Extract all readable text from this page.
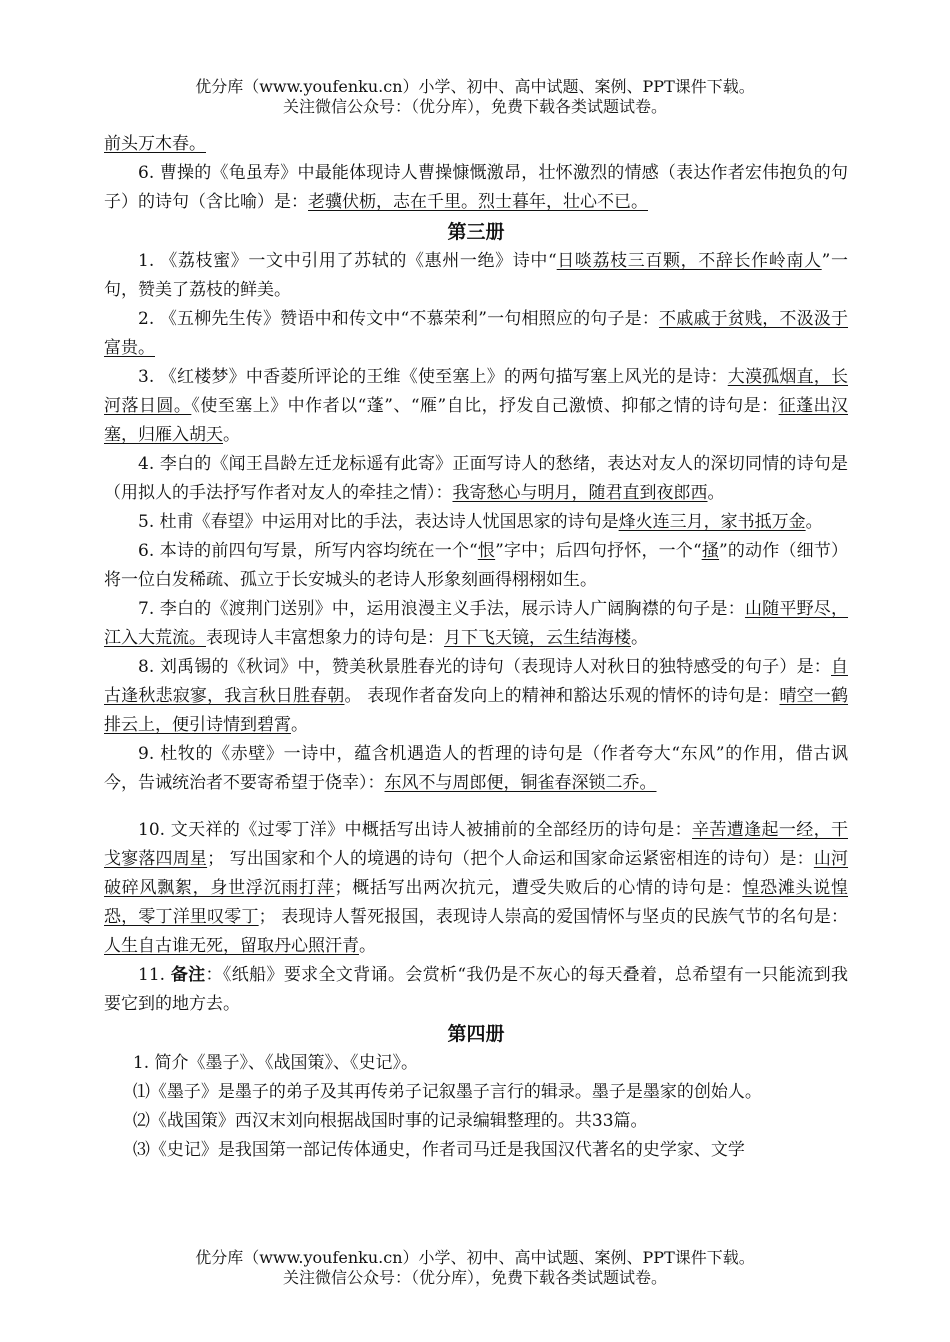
优分库（www.youfenku.cn）小学、初中、高中试题、案例、PPT课件下载。
关注微信公众号：（优分库），免费下载各类试题试卷。

前头万木春。

6. 曹操的《龟虽寿》中最能体现诗人曹操慷慨激昂，壮怀激烈的情感（表达作者宏伟抱负的句子）的诗句（含比喻）是：老骥伏枥，志在千里。烈士暮年，壮心不已。

第三册

1. 《荔枝蜜》一文中引用了苏轼的《惠州一绝》诗中“日啖荔枝三百颗，不辞长作岭南人”一句，赞美了荔枝的鲜美。

2. 《五柳先生传》赞语中和传文中“不慕荣利”一句相照应的句子是：不戚戚于贫贱，不汲汲于富贵。

3. 《红楼梦》中香菱所评论的王维《使至塞上》的两句描写塞上风光的是诗：大漠孤烟直，长河落日圆。《使至塞上》中作者以“蓬”、“雁”自比，抒发自己激愤、抑郁之情的诗句是：征蓬出汉塞，归雁入胡天。

4. 李白的《闻王昌龄左迁龙标遥有此寄》正面写诗人的愁绪，表达对友人的深切同情的诗句是（用拟人的手法抒写作者对友人的牵挂之情）：我寄愁心与明月，随君直到夜郎西。

5. 杜甫《春望》中运用对比的手法，表达诗人忧国思家的诗句是烽火连三月，家书抵万金。

6. 本诗的前四句写景，所写内容均统在一个“恨”字中；后四句抒怀，一个“搔”的动作（细节）将一位白发稀疏、孤立于长安城头的老诗人形象刻画得栩栩如生。

7. 李白的《渡荆门送别》中，运用浪漫主义手法，展示诗人广阔胸襟的句子是：山随平野尽，江入大荒流。表现诗人丰富想象力的诗句是：月下飞天镜，云生结海楼。

8. 刘禹锡的《秋词》中，赞美秋景胜春光的诗句（表现诗人对秋日的独特感受的句子）是：自古逢秋悲寂寥，我言秋日胜春朝。 表现作者奋发向上的精神和豁达乐观的情怀的诗句是：晴空一鹤排云上，便引诗情到碧霄。

9. 杜牧的《赤壁》一诗中，蕴含机遇造人的哲理的诗句是（作者夸大“东风”的作用，借古讽今，告诫统治者不要寄希望于侥幸）：东风不与周郎便，铜雀春深锁二乔。

10. 文天祥的《过零丁洋》中概括写出诗人被捕前的全部经历的诗句是：辛苦遭逢起一经，干戈寥落四周星； 写出国家和个人的境遇的诗句（把个人命运和国家命运紧密相连的诗句）是：山河破碎风飘絮，身世浮沉雨打萍；概括写出两次抗元，遭受失败后的心情的诗句是：惶恐滩头说惶恐，零丁洋里叹零丁； 表现诗人誓死报国，表现诗人崇高的爱国情怀与坚贞的民族气节的名句是：人生自古谁无死，留取丹心照汗青。

11. 备注：《纸船》要求全文背诵。会赏析“我仍是不灰心的每天叠着，总希望有一只能流到我要它到的地方去。

第四册

1. 简介《墨子》、《战国策》、《史记》。

⑴《墨子》是墨子的弟子及其再传弟子记叙墨子言行的辑录。墨子是墨家的创始人。

⑵《战国策》西汉末刘向根据战国时事的记录编辑整理的。共33篇。

⑶《史记》是我国第一部记传体通史，作者司马迁是我国汉代著名的史学家、文学

优分库（www.youfenku.cn）小学、初中、高中试题、案例、PPT课件下载。
关注微信公众号：（优分库），免费下载各类试题试卷。
